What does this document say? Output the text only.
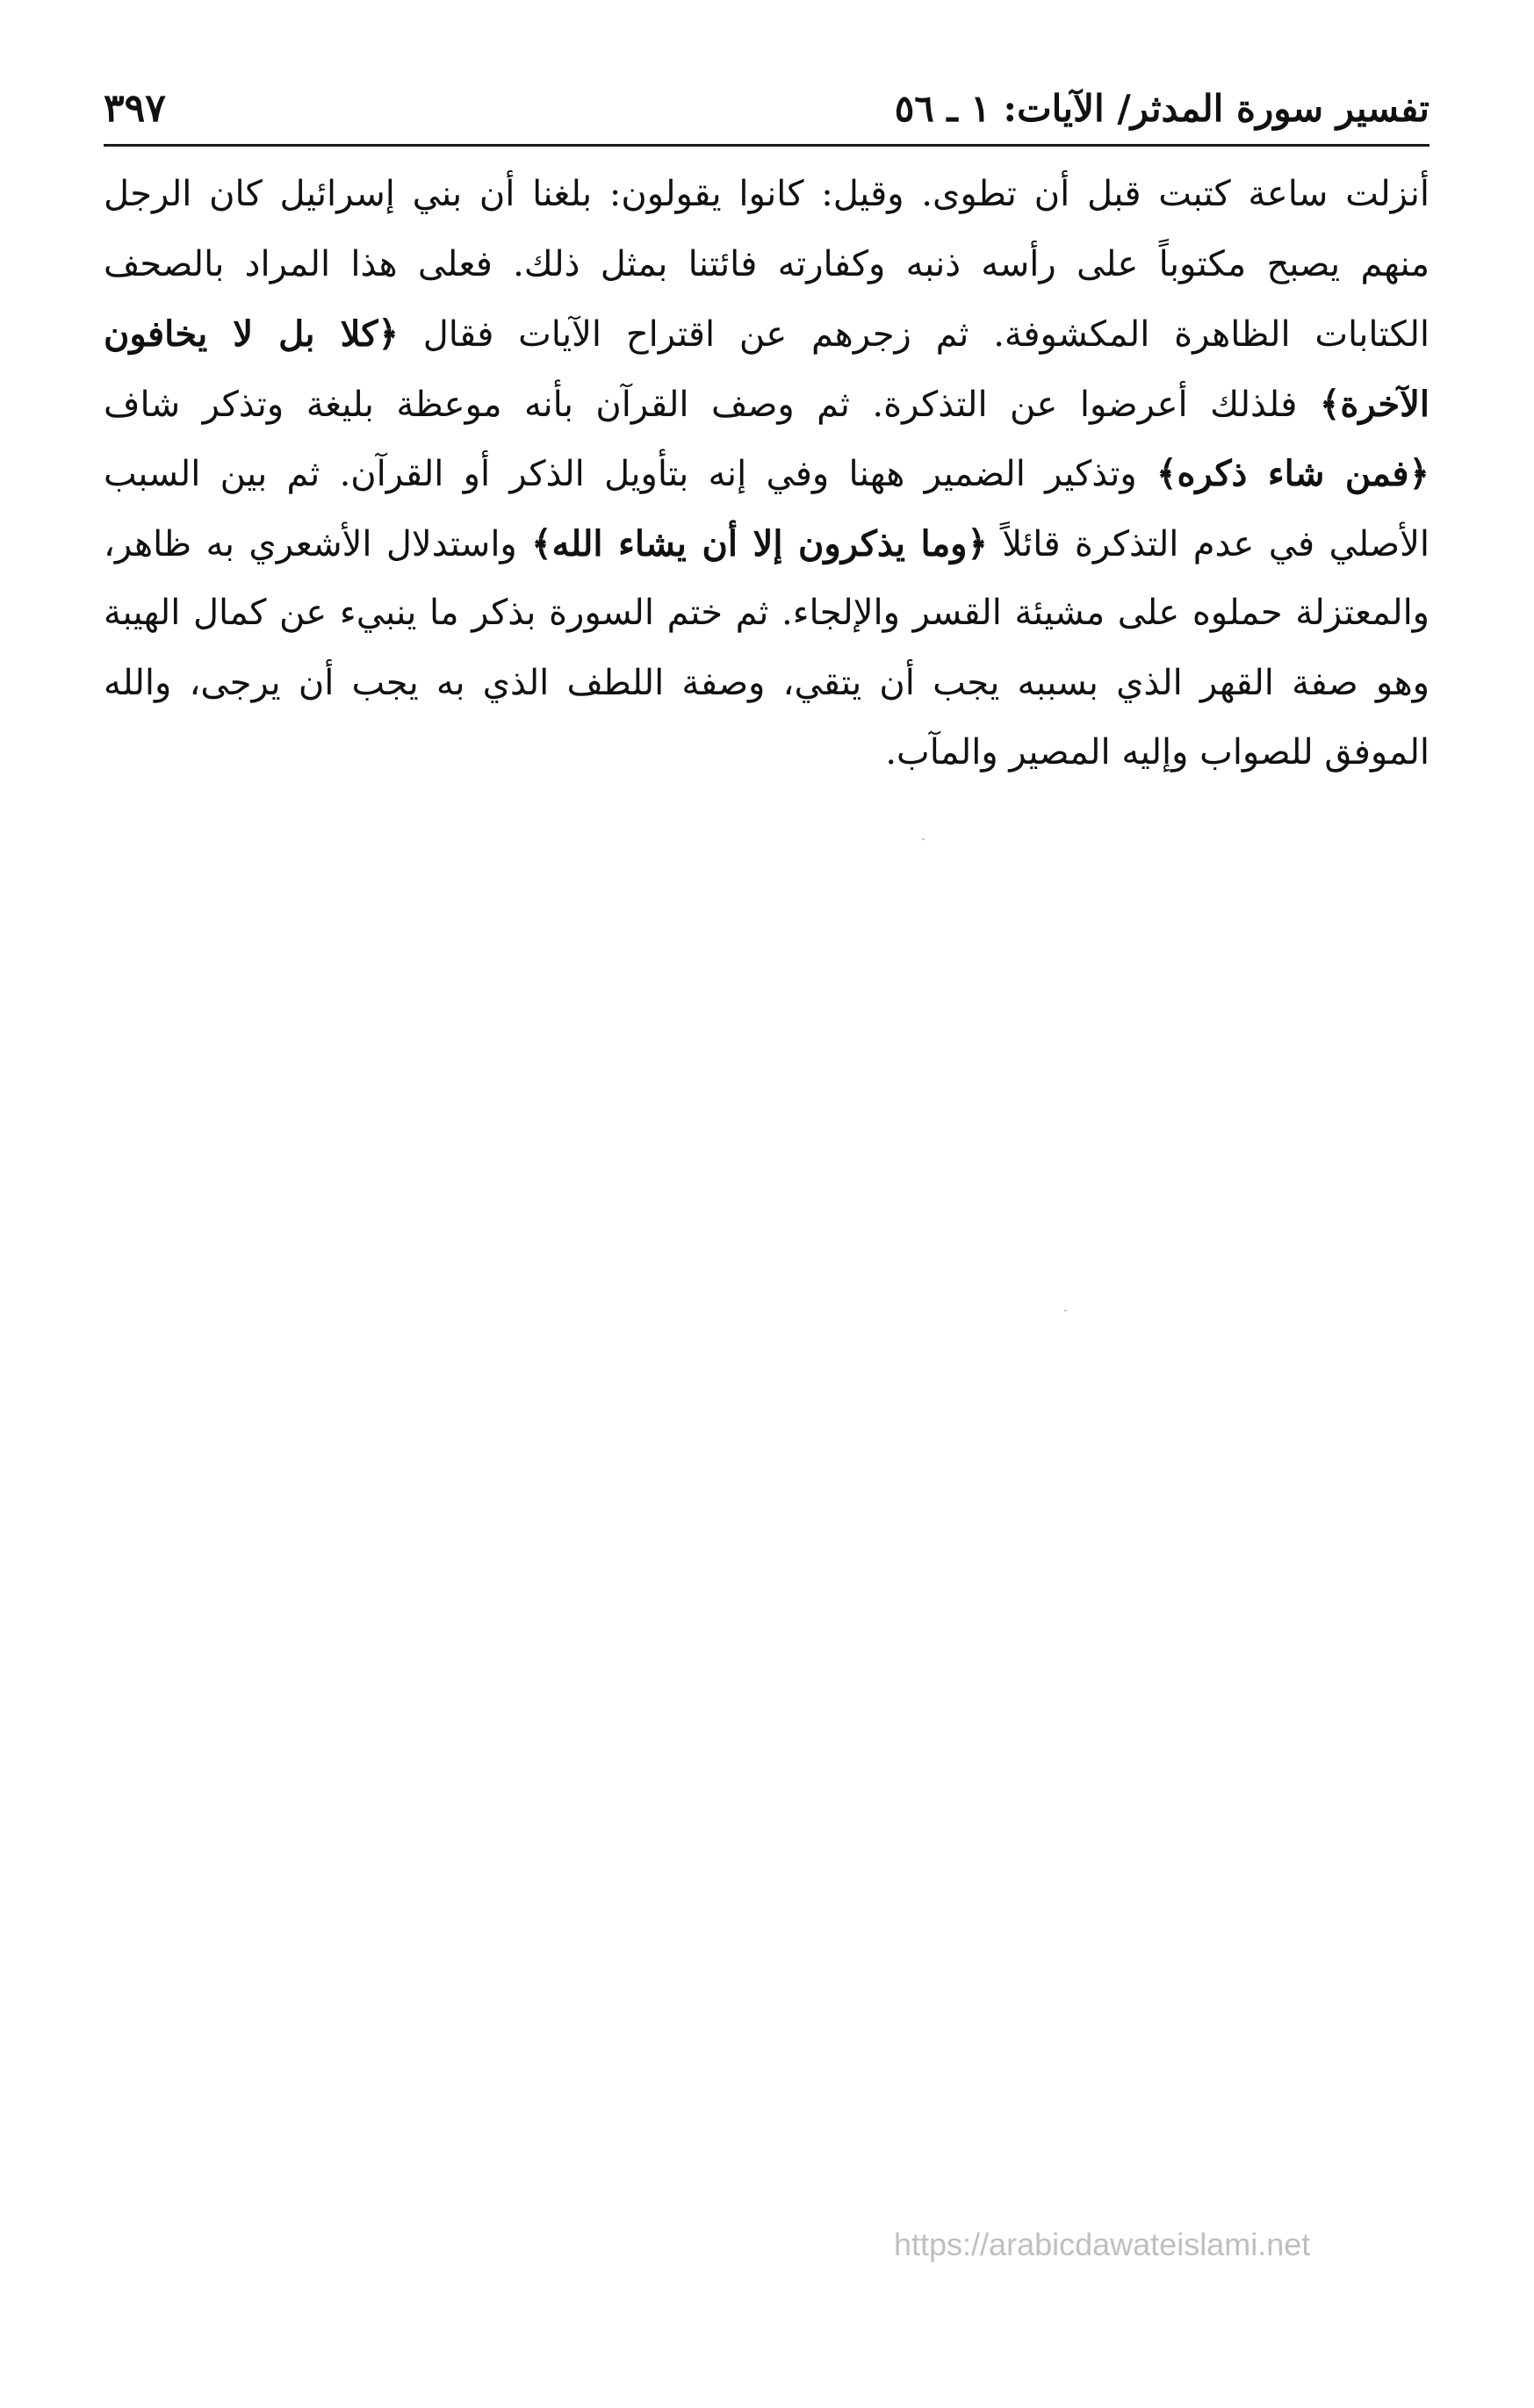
تفسير سورة المدثر/ الآيات: ١ ـ ٥٦
٣٩٧
أنزلت ساعة كتبت قبل أن تطوى. وقيل: كانوا يقولون: بلغنا أن بني إسرائيل كان الرجل
منهم يصبح مكتوباً على رأسه ذنبه وكفارته فائتنا بمثل ذلك. فعلى هذا المراد بالصحف
الكتابات الظاهرة المكشوفة. ثم زجرهم عن اقتراح الآيات فقال ﴿كلا بل لا يخافون
الآخرة﴾ فلذلك أعرضوا عن التذكرة. ثم وصف القرآن بأنه موعظة بليغة وتذكر شاف
﴿فمن شاء ذكره﴾ وتذكير الضمير ههنا وفي إنه بتأويل الذكر أو القرآن. ثم بين السبب
الأصلي في عدم التذكرة قائلاً ﴿وما يذكرون إلا أن يشاء الله﴾ واستدلال الأشعري به ظاهر،
والمعتزلة حملوه على مشيئة القسر والإلجاء. ثم ختم السورة بذكر ما ينبيء عن كمال الهيبة
وهو صفة القهر الذي بسببه يجب أن يتقي، وصفة اللطف الذي به يجب أن يرجى، والله
الموفق للصواب وإليه المصير والمآب.
https://arabicdawateislami.net
